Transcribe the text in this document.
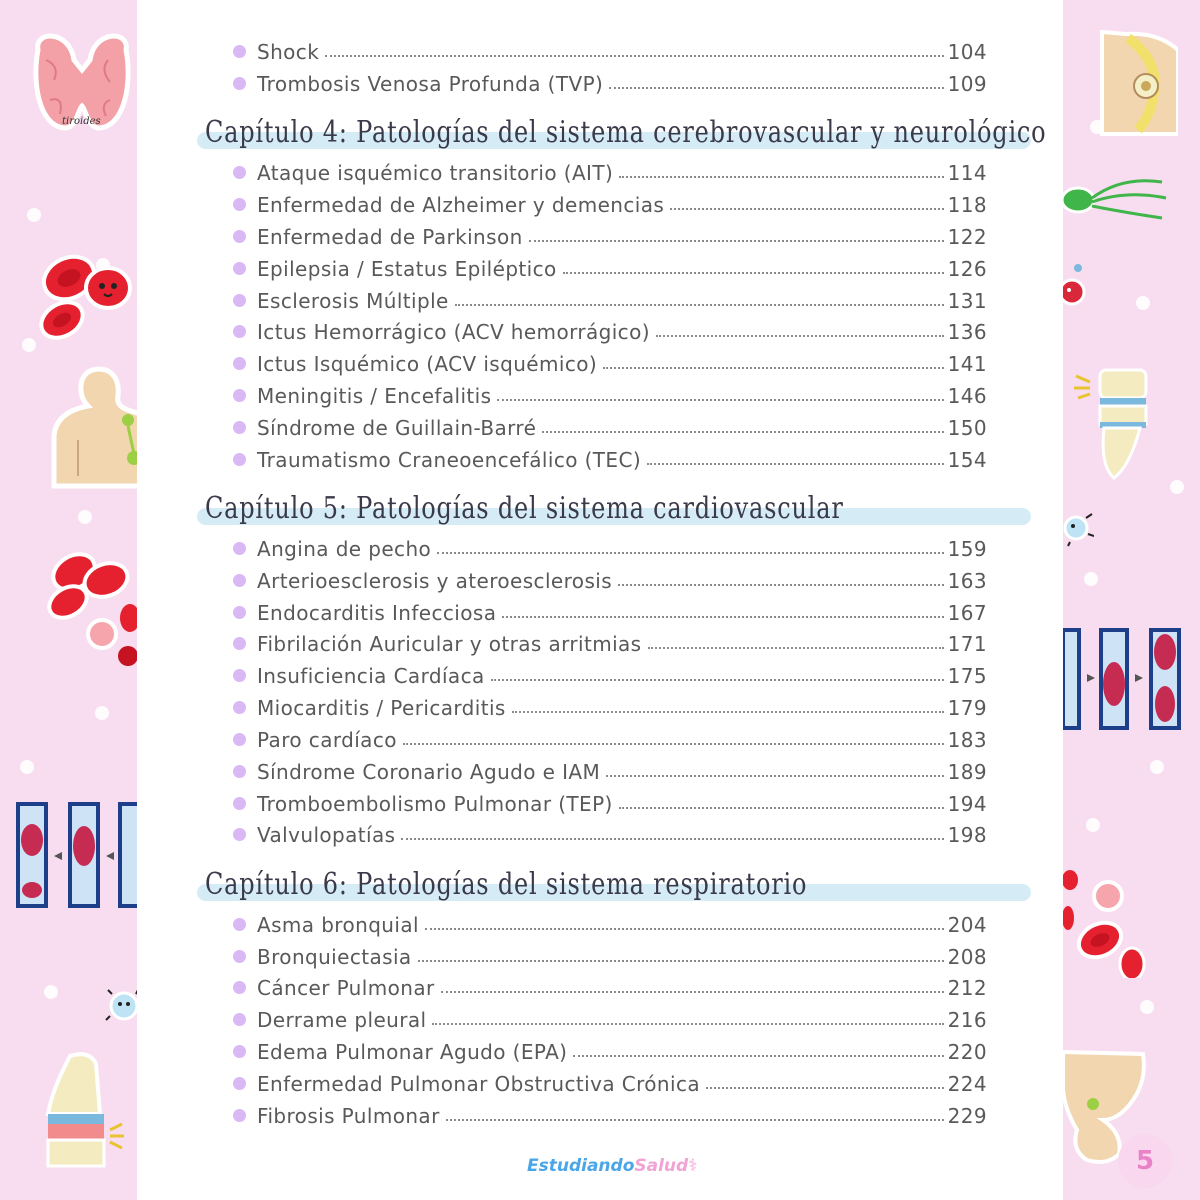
tiroides
Shock	104
Trombosis Venosa Profunda (TVP)	109
Capítulo 4: Patologías del sistema cerebrovascular y neurológico
Ataque isquémico transitorio (AIT)	114
Enfermedad de Alzheimer y demencias	118
Enfermedad de Parkinson	122
Epilepsia / Estatus Epiléptico	126
Esclerosis Múltiple	131
Ictus Hemorrágico (ACV hemorrágico)	136
Ictus Isquémico (ACV isquémico)	141
Meningitis / Encefalitis	146
Síndrome de Guillain-Barré	150
Traumatismo Craneoencefálico (TEC)	154
Capítulo 5: Patologías del sistema cardiovascular
Angina de pecho	159
Arterioesclerosis y ateroesclerosis	163
Endocarditis Infecciosa	167
Fibrilación Auricular y otras arritmias	171
Insuficiencia Cardíaca	175
Miocarditis / Pericarditis	179
Paro cardíaco	183
Síndrome Coronario Agudo e IAM	189
Tromboembolismo Pulmonar (TEP)	194
Valvulopatías	198
Capítulo 6: Patologías del sistema respiratorio
Asma bronquial	204
Bronquiectasia	208
Cáncer Pulmonar	212
Derrame pleural	216
Edema Pulmonar Agudo (EPA)	220
Enfermedad Pulmonar Obstructiva Crónica	224
Fibrosis Pulmonar	229
EstudiandoSalud⚕	5
